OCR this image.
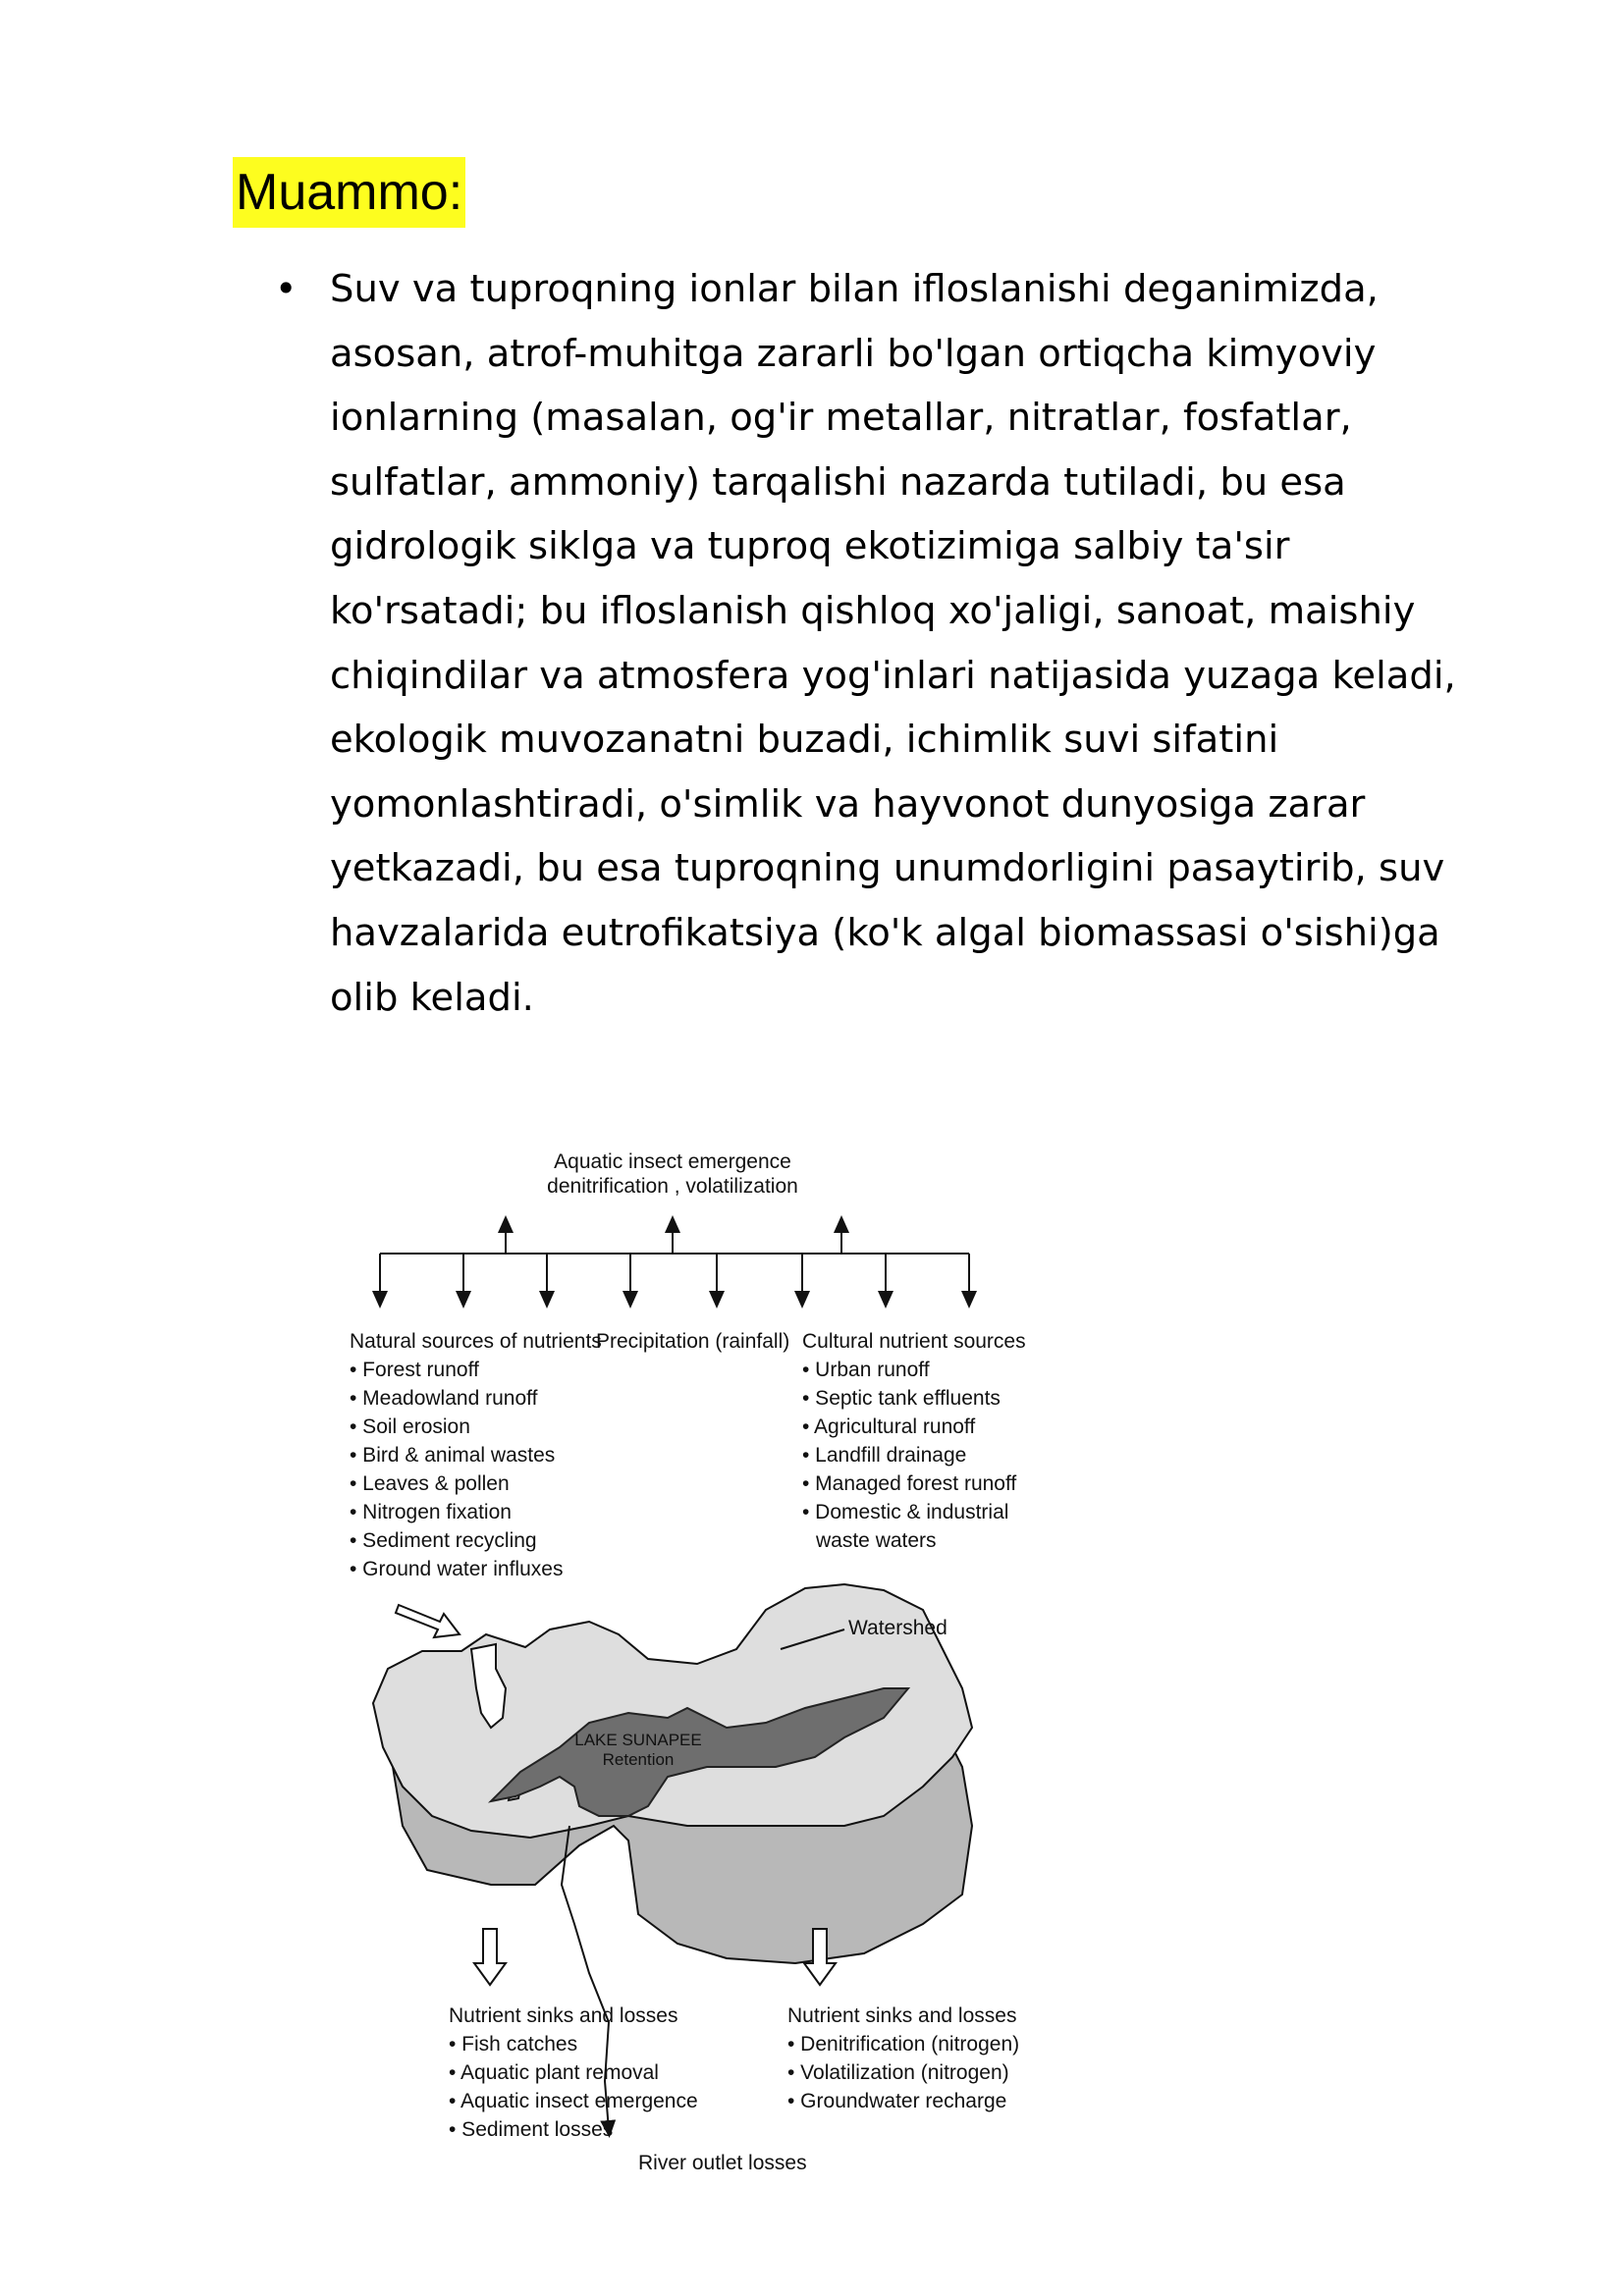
Muammo:
• Suv va tuproqning ionlar bilan ifloslanishi deganimizda,
asosan, atrof-muhitga zararli bo'lgan ortiqcha kimyoviy
ionlarning (masalan, og'ir metallar, nitratlar, fosfatlar,
sulfatlar, ammoniy) tarqalishi nazarda tutiladi, bu esa
gidrologik siklga va tuproq ekotizimiga salbiy ta'sir
ko'rsatadi; bu ifloslanish qishloq xo'jaligi, sanoat, maishiy
chiqindilar va atmosfera yog'inlari natijasida yuzaga keladi,
ekologik muvozanatni buzadi, ichimlik suvi sifatini
yomonlashtiradi, o'simlik va hayvonot dunyosiga zarar
yetkazadi, bu esa tuproqning unumdorligini pasaytirib, suv
havzalarida eutrofikatsiya (ko'k algal biomassasi o'sishi)ga
olib keladi.

Aquatic insect emergence
denitrification , volatilization
Natural sources of nutrients
• Forest runoff
• Meadowland runoff
• Soil erosion
• Bird & animal wastes
• Leaves & pollen
• Nitrogen fixation
• Sediment recycling
• Ground water influxes
Precipitation (rainfall) Cultural nutrient sources
• Urban runoff
• Septic tank effluents
• Agricultural runoff
• Landfill drainage
• Managed forest runoff
• Domestic & industrial
waste waters
LAKE SUNAPEE
Retention
Watershed
Nutrient sinks and losses
• Fish catches
• Aquatic plant removal
• Aquatic insect emergence
• Sediment losses
Nutrient sinks and losses
• Denitrification (nitrogen)
• Volatilization (nitrogen)
• Groundwater recharge
River outlet losses
